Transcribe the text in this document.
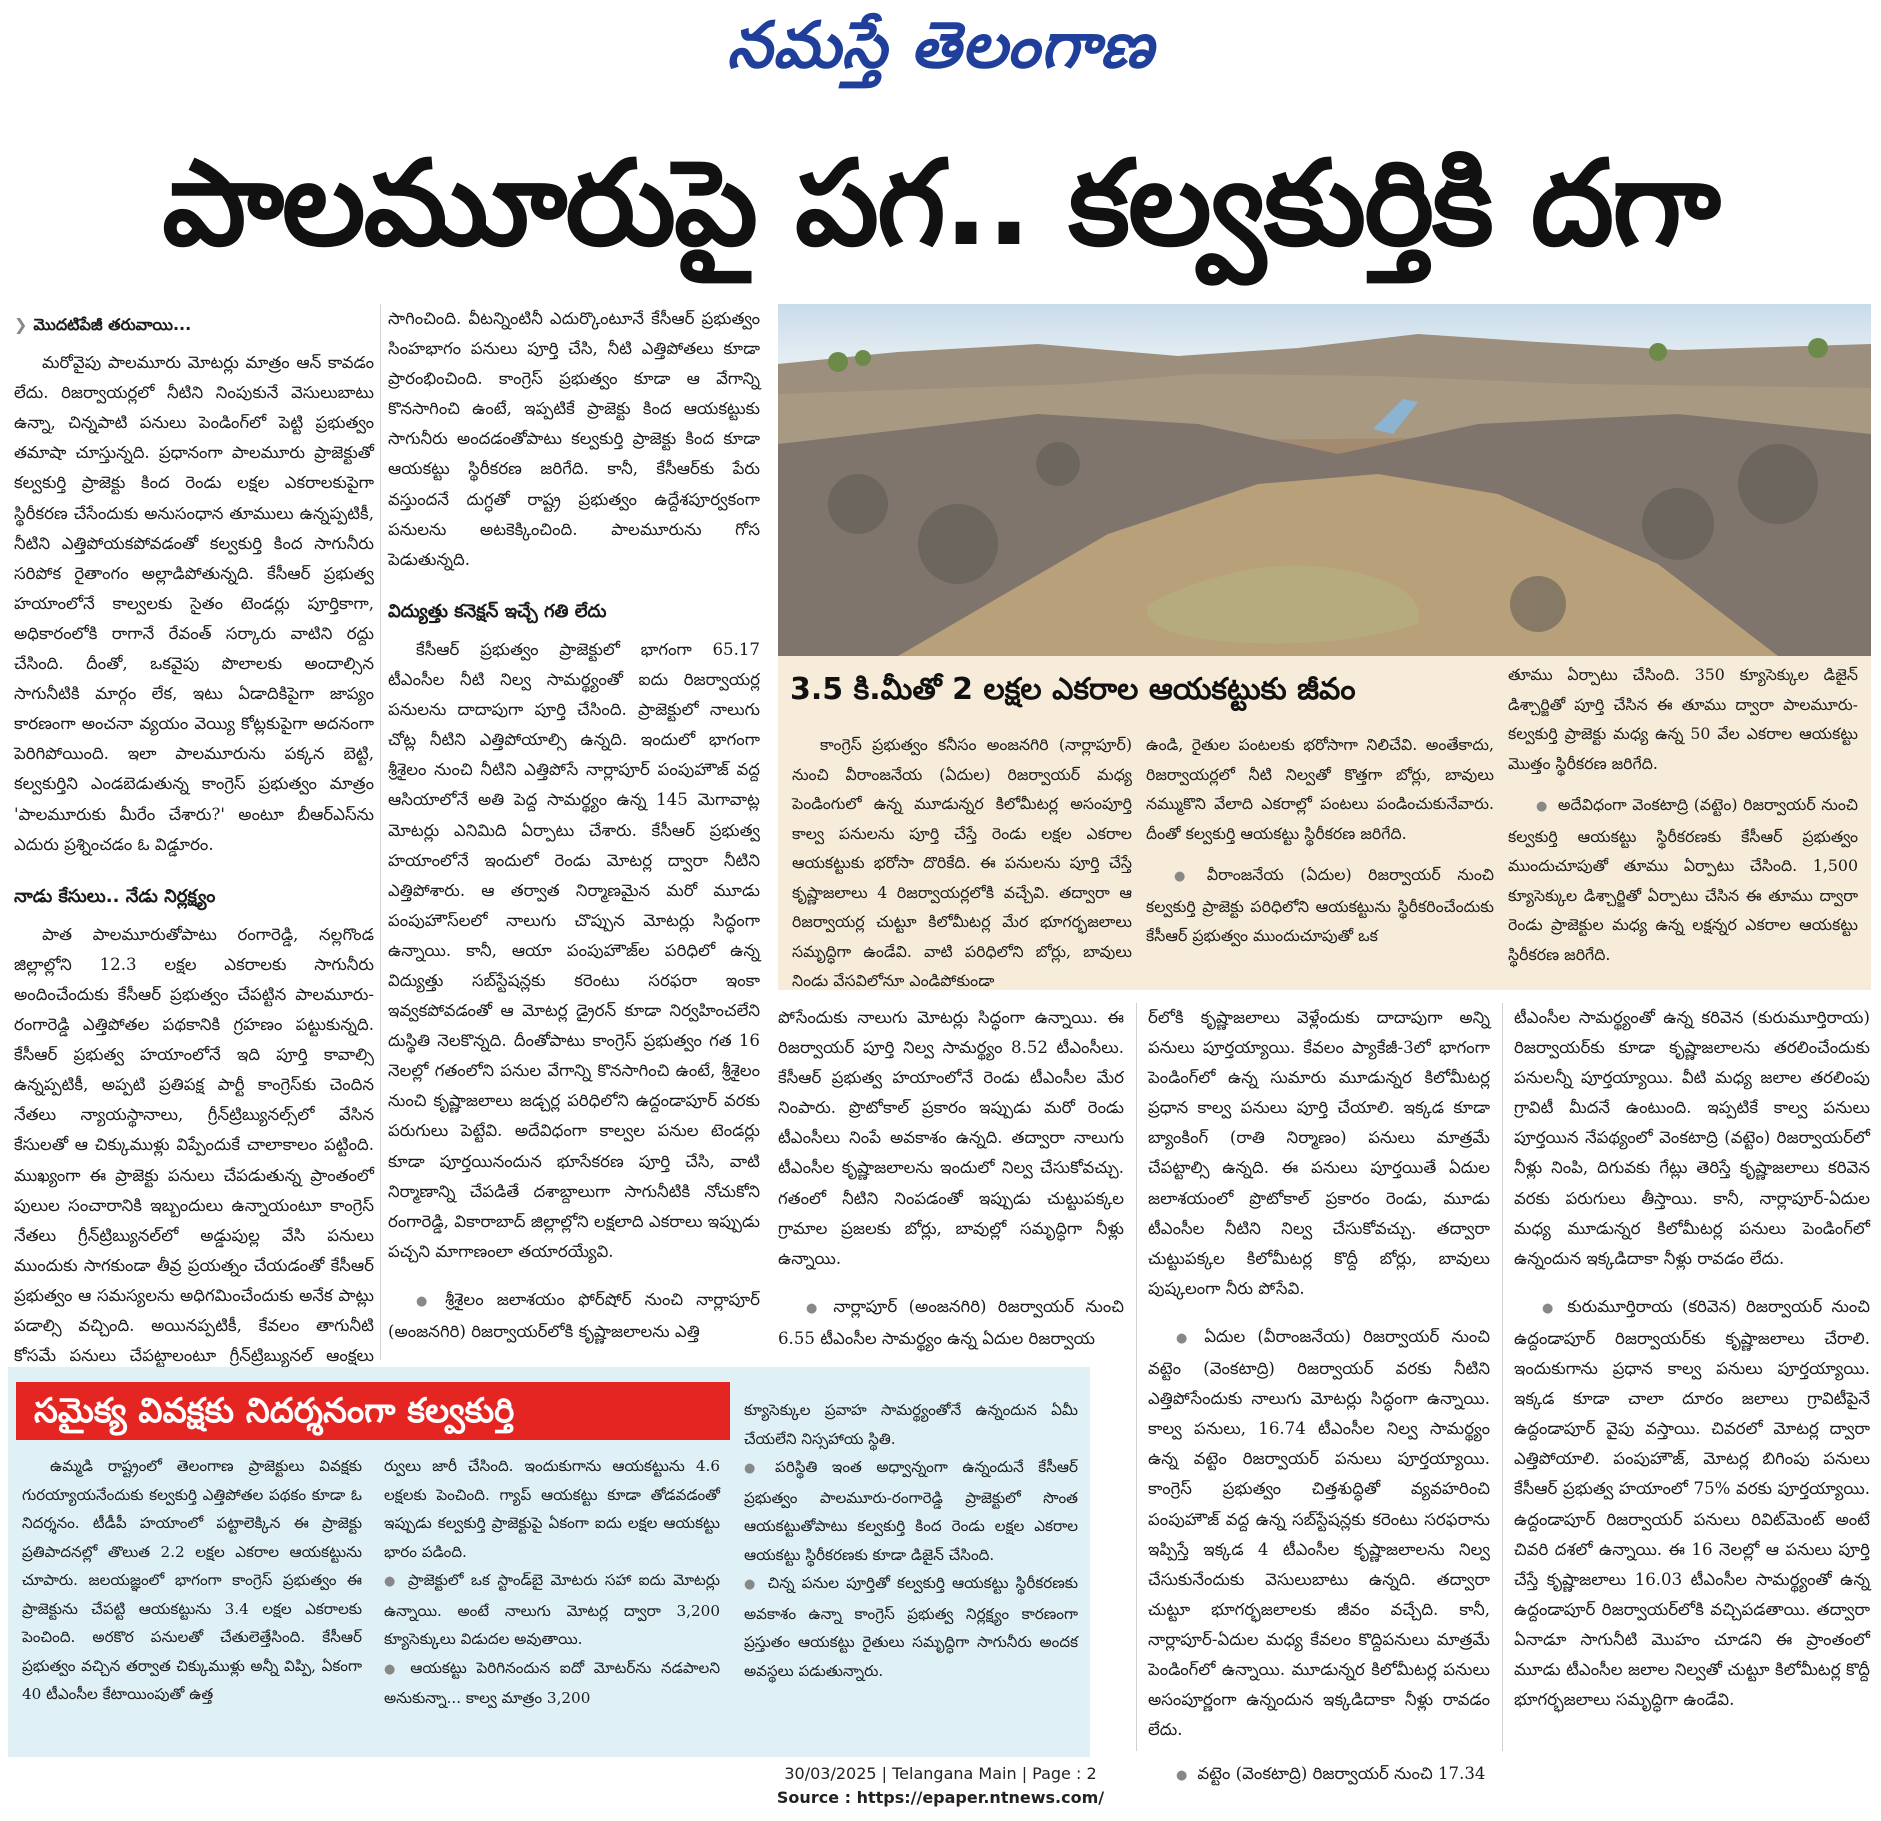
నమస్తే తెలంగాణ
పాలమూరుపై పగ.. కల్వకుర్తికి దగా
❯ మొదటిపేజీ తరువాయి...

మరోవైపు పాలమూరు మోటర్లు మాత్రం ఆన్ కావడం లేదు. రిజర్వాయర్లలో నీటిని నింపుకునే వెసులుబాటు ఉన్నా, చిన్నపాటి పనులు పెండింగ్‌లో పెట్టి ప్రభుత్వం తమాషా చూస్తున్నది. ప్రధానంగా పాలమూరు ప్రాజెక్టుతో కల్వకుర్తి ప్రాజెక్టు కింద రెండు లక్షల ఎకరాలకుపైగా స్థిరీకరణ చేసేందుకు అనుసంధాన తూములు ఉన్నప్పటికీ, నీటిని ఎత్తిపోయకపోవడంతో కల్వకుర్తి కింద సాగునీరు సరిపోక రైతాంగం అల్లాడిపోతున్నది. కేసీఆర్ ప్రభుత్వ హయాంలోనే కాల్వలకు సైతం టెండర్లు పూర్తికాగా, అధికారంలోకి రాగానే రేవంత్ సర్కారు వాటిని రద్దు చేసింది. దీంతో, ఒకవైపు పొలాలకు అందాల్సిన సాగునీటికి మార్గం లేక, ఇటు ఏడాదికిపైగా జాప్యం కారణంగా అంచనా వ్యయం వెయ్యి కోట్లకుపైగా అదనంగా పెరిగిపోయింది. ఇలా పాలమూరును పక్కన బెట్టి, కల్వకుర్తిని ఎండబెడుతున్న కాంగ్రెస్ ప్రభుత్వం మాత్రం 'పాలమూరుకు మీరేం చేశారు?' అంటూ బీఆర్‌ఎస్‌ను ఎదురు ప్రశ్నించడం ఓ విడ్డూరం.

నాడు కేసులు.. నేడు నిర్లక్ష్యం

పాత పాలమూరుతోపాటు రంగారెడ్డి, నల్లగొండ జిల్లాల్లోని 12.3 లక్షల ఎకరాలకు సాగునీరు అందించేందుకు కేసీఆర్ ప్రభుత్వం చేపట్టిన పాలమూరు-రంగారెడ్డి ఎత్తిపోతల పథకానికి గ్రహణం పట్టుకున్నది. కేసీఆర్ ప్రభుత్వ హయాంలోనే ఇది పూర్తి కావాల్సి ఉన్నప్పటికీ, అప్పటి ప్రతిపక్ష పార్టీ కాంగ్రెస్‌కు చెందిన నేతలు న్యాయస్థానాలు, గ్రీన్‌ట్రిబ్యునల్స్‌లో వేసిన కేసులతో ఆ చిక్కుముళ్లు విప్పేందుకే చాలాకాలం పట్టింది. ముఖ్యంగా ఈ ప్రాజెక్టు పనులు చేపడుతున్న ప్రాంతంలో పులుల సంచారానికి ఇబ్బందులు ఉన్నాయంటూ కాంగ్రెస్ నేతలు గ్రీన్‌ట్రిబ్యునల్‌లో అడ్డుపుల్ల వేసి పనులు ముందుకు సాగకుండా తీవ్ర ప్రయత్నం చేయడంతో కేసీఆర్ ప్రభుత్వం ఆ సమస్యలను అధిగమించేందుకు అనేక పాట్లు పడాల్సి వచ్చింది. అయినప్పటికీ, కేవలం తాగునీటి కోసమే పనులు చేపట్టాలంటూ గ్రీన్‌ట్రిబ్యునల్ ఆంక్షలు

సాగించింది. వీటన్నింటినీ ఎదుర్కొంటూనే కేసీఆర్ ప్రభుత్వం సింహభాగం పనులు పూర్తి చేసి, నీటి ఎత్తిపోతలు కూడా ప్రారంభించింది. కాంగ్రెస్ ప్రభుత్వం కూడా ఆ వేగాన్ని కొనసాగించి ఉంటే, ఇప్పటికే ప్రాజెక్టు కింద ఆయకట్టుకు సాగునీరు అందడంతోపాటు కల్వకుర్తి ప్రాజెక్టు కింద కూడా ఆయకట్టు స్థిరీకరణ జరిగేది. కానీ, కేసీఆర్‌కు పేరు వస్తుందనే దుగ్ధతో రాష్ట్ర ప్రభుత్వం ఉద్దేశపూర్వకంగా పనులను అటకెక్కించింది. పాలమూరును గోస పెడుతున్నది.

విద్యుత్తు కనెక్షన్ ఇచ్చే గతి లేదు

కేసీఆర్ ప్రభుత్వం ప్రాజెక్టులో భాగంగా 65.17 టీఎంసీల నీటి నిల్వ సామర్థ్యంతో ఐదు రిజర్వాయర్ల పనులను దాదాపుగా పూర్తి చేసింది. ప్రాజెక్టులో నాలుగు చోట్ల నీటిని ఎత్తిపోయాల్సి ఉన్నది. ఇందులో భాగంగా శ్రీశైలం నుంచి నీటిని ఎత్తిపోసే నార్లాపూర్ పంపుహౌజ్ వద్ద ఆసియాలోనే అతి పెద్ద సామర్థ్యం ఉన్న 145 మెగావాట్ల మోటర్లు ఎనిమిది ఏర్పాటు చేశారు. కేసీఆర్ ప్రభుత్వ హయాంలోనే ఇందులో రెండు మోటర్ల ద్వారా నీటిని ఎత్తిపోశారు. ఆ తర్వాత నిర్మాణమైన మరో మూడు పంపుహౌస్‌లలో నాలుగు చొప్పున మోటర్లు సిద్ధంగా ఉన్నాయి. కానీ, ఆయా పంపుహౌజ్‌ల పరిధిలో ఉన్న విద్యుత్తు సబ్‌స్టేషన్లకు కరెంటు సరఫరా ఇంకా ఇవ్వకపోవడంతో ఆ మోటర్ల డ్రైరన్ కూడా నిర్వహించలేని దుస్థితి నెలకొన్నది. దీంతోపాటు కాంగ్రెస్ ప్రభుత్వం గత 16 నెలల్లో గతంలోని పనుల వేగాన్ని కొనసాగించి ఉంటే, శ్రీశైలం నుంచి కృష్ణాజలాలు జడ్చర్ల పరిధిలోని ఉద్దండాపూర్ వరకు పరుగులు పెట్టేవి. అదేవిధంగా కాల్వల పనుల టెండర్లు కూడా పూర్తయినందున భూసేకరణ పూర్తి చేసి, వాటి నిర్మాణాన్ని చేపడితే దశాబ్దాలుగా సాగునీటికి నోచుకోని రంగారెడ్డి, వికారాబాద్ జిల్లాల్లోని లక్షలాది ఎకరాలు ఇప్పుడు పచ్చని మాగాణంలా తయారయ్యేవి.

● శ్రీశైలం జలాశయం ఫోర్‌షోర్ నుంచి నార్లాపూర్ (అంజనగిరి) రిజర్వాయర్‌లోకి కృష్ణాజలాలను ఎత్తి

3.5 కి.మీతో 2 లక్షల ఎకరాల ఆయకట్టుకు జీవం

కాంగ్రెస్ ప్రభుత్వం కనీసం అంజనగిరి (నార్లాపూర్) నుంచి వీరాంజనేయ (ఏదుల) రిజర్వాయర్ మధ్య పెండింగులో ఉన్న మూడున్నర కిలోమీటర్ల అసంపూర్తి కాల్వ పనులను పూర్తి చేస్తే రెండు లక్షల ఎకరాల ఆయకట్టుకు భరోసా దొరికేది. ఈ పనులను పూర్తి చేస్తే కృష్ణాజలాలు 4 రిజర్వాయర్లలోకి వచ్చేవి. తద్వారా ఆ రిజర్వాయర్ల చుట్టూ కిలోమీటర్ల మేర భూగర్భజలాలు సమృద్ధిగా ఉండేవి. వాటి పరిధిలోని బోర్లు, బావులు నిండు వేసవిలోనూ ఎండిపోకుండా

ఉండి, రైతుల పంటలకు భరోసాగా నిలిచేవి. అంతేకాదు, రిజర్వాయర్లలో నీటి నిల్వతో కొత్తగా బోర్లు, బావులు నమ్ముకొని వేలాది ఎకరాల్లో పంటలు పండించుకునేవారు. దీంతో కల్వకుర్తి ఆయకట్టు స్థిరీకరణ జరిగేది.

● వీరాంజనేయ (ఏదుల) రిజర్వాయర్ నుంచి కల్వకుర్తి ప్రాజెక్టు పరిధిలోని ఆయకట్టును స్థిరీకరించేందుకు కేసీఆర్ ప్రభుత్వం ముందుచూపుతో ఒక

తూము ఏర్పాటు చేసింది. 350 క్యూసెక్కుల డిజైన్ డిశ్చార్జితో పూర్తి చేసిన ఈ తూము ద్వారా పాలమూరు-కల్వకుర్తి ప్రాజెక్టు మధ్య ఉన్న 50 వేల ఎకరాల ఆయకట్టు మొత్తం స్థిరీకరణ జరిగేది.

● అదేవిధంగా వెంకటాద్రి (వట్టెం) రిజర్వాయర్ నుంచి కల్వకుర్తి ఆయకట్టు స్థిరీకరణకు కేసీఆర్ ప్రభుత్వం ముందుచూపుతో తూము ఏర్పాటు చేసింది. 1,500 క్యూసెక్కుల డిశ్చార్జితో ఏర్పాటు చేసిన ఈ తూము ద్వారా రెండు ప్రాజెక్టుల మధ్య ఉన్న లక్షన్నర ఎకరాల ఆయకట్టు స్థిరీకరణ జరిగేది.

పోసేందుకు నాలుగు మోటర్లు సిద్ధంగా ఉన్నాయి. ఈ రిజర్వాయర్ పూర్తి నిల్వ సామర్థ్యం 8.52 టీఎంసీలు. కేసీఆర్ ప్రభుత్వ హయాంలోనే రెండు టీఎంసీల మేర నింపారు. ప్రొటోకాల్ ప్రకారం ఇప్పుడు మరో రెండు టీఎంసీలు నింపే అవకాశం ఉన్నది. తద్వారా నాలుగు టీఎంసీల కృష్ణాజలాలను ఇందులో నిల్వ చేసుకోవచ్చు. గతంలో నీటిని నింపడంతో ఇప్పుడు చుట్టుపక్కల గ్రామాల ప్రజలకు బోర్లు, బావుల్లో సమృద్ధిగా నీళ్లు ఉన్నాయి.

● నార్లాపూర్ (అంజనగిరి) రిజర్వాయర్ నుంచి 6.55 టీఎంసీల సామర్థ్యం ఉన్న ఏదుల రిజర్వాయ

ర్‌లోకి కృష్ణాజలాలు వెళ్లేందుకు దాదాపుగా అన్ని పనులు పూర్తయ్యాయి. కేవలం ప్యాకేజీ-3లో భాగంగా పెండింగ్‌లో ఉన్న సుమారు మూడున్నర కిలోమీటర్ల ప్రధాన కాల్వ పనులు పూర్తి చేయాలి. ఇక్కడ కూడా బ్యాంకింగ్ (రాతి నిర్మాణం) పనులు మాత్రమే చేపట్టాల్సి ఉన్నది. ఈ పనులు పూర్తయితే ఏదుల జలాశయంలో ప్రొటోకాల్ ప్రకారం రెండు, మూడు టీఎంసీల నీటిని నిల్వ చేసుకోవచ్చు. తద్వారా చుట్టుపక్కల కిలోమీటర్ల కొద్దీ బోర్లు, బావులు పుష్కలంగా నీరు పోసేవి.

● ఏదుల (వీరాంజనేయ) రిజర్వాయర్ నుంచి వట్టెం (వెంకటాద్రి) రిజర్వాయర్ వరకు నీటిని ఎత్తిపోసేందుకు నాలుగు మోటర్లు సిద్ధంగా ఉన్నాయి. కాల్వ పనులు, 16.74 టీఎంసీల నిల్వ సామర్థ్యం ఉన్న వట్టెం రిజర్వాయర్ పనులు పూర్తయ్యాయి. కాంగ్రెస్ ప్రభుత్వం చిత్తశుద్ధితో వ్యవహరించి పంపుహౌజ్ వద్ద ఉన్న సబ్‌స్టేషన్లకు కరెంటు సరఫరాను ఇప్పిస్తే ఇక్కడ 4 టీఎంసీల కృష్ణాజలాలను నిల్వ చేసుకునేందుకు వెసులుబాటు ఉన్నది. తద్వారా చుట్టూ భూగర్భజలాలకు జీవం వచ్చేది. కానీ, నార్లాపూర్-ఏదుల మధ్య కేవలం కొద్దిపనులు మాత్రమే పెండింగ్‌లో ఉన్నాయి. మూడున్నర కిలోమీటర్ల పనులు అసంపూర్ణంగా ఉన్నందున ఇక్కడిదాకా నీళ్లు రావడం లేదు.

● వట్టెం (వెంకటాద్రి) రిజర్వాయర్ నుంచి 17.34

టీఎంసీల సామర్థ్యంతో ఉన్న కరివెన (కురుమూర్తిరాయ) రిజర్వాయర్‌కు కూడా కృష్ణాజలాలను తరలించేందుకు పనులన్నీ పూర్తయ్యాయి. వీటి మధ్య జలాల తరలింపు గ్రావిటీ మీదనే ఉంటుంది. ఇప్పటికే కాల్వ పనులు పూర్తయిన నేపథ్యంలో వెంకటాద్రి (వట్టెం) రిజర్వాయర్‌లో నీళ్లు నింపి, దిగువకు గేట్లు తెరిస్తే కృష్ణాజలాలు కరివెన వరకు పరుగులు తీస్తాయి. కానీ, నార్లాపూర్-ఏదుల మధ్య మూడున్నర కిలోమీటర్ల పనులు పెండింగ్‌లో ఉన్నందున ఇక్కడిదాకా నీళ్లు రావడం లేదు.

● కురుమూర్తిరాయ (కరివెన) రిజర్వాయర్ నుంచి ఉద్దండాపూర్ రిజర్వాయర్‌కు కృష్ణాజలాలు చేరాలి. ఇందుకుగాను ప్రధాన కాల్వ పనులు పూర్తయ్యాయి. ఇక్కడ కూడా చాలా దూరం జలాలు గ్రావిటీపైనే ఉద్దండాపూర్ వైపు వస్తాయి. చివరలో మోటర్ల ద్వారా ఎత్తిపోయాలి. పంపుహౌజ్, మోటర్ల బిగింపు పనులు కేసీఆర్ ప్రభుత్వ హయాంలో 75% వరకు పూర్తయ్యాయి. ఉద్దండాపూర్ రిజర్వాయర్ పనులు రివిట్‌మెంట్ అంటే చివరి దశలో ఉన్నాయి. ఈ 16 నెలల్లో ఆ పనులు పూర్తి చేస్తే కృష్ణాజలాలు 16.03 టీఎంసీల సామర్థ్యంతో ఉన్న ఉద్దండాపూర్ రిజర్వాయర్‌లోకి వచ్చిపడతాయి. తద్వారా ఏనాడూ సాగునీటి మొహం చూడని ఈ ప్రాంతంలో మూడు టీఎంసీల జలాల నిల్వతో చుట్టూ కిలోమీటర్ల కొద్దీ భూగర్భజలాలు సమృద్ధిగా ఉండేవి.

సమైక్య వివక్షకు నిదర్శనంగా కల్వకుర్తి

ఉమ్మడి రాష్ట్రంలో తెలంగాణ ప్రాజెక్టులు వివక్షకు గురయ్యాయనేందుకు కల్వకుర్తి ఎత్తిపోతల పథకం కూడా ఓ నిదర్శనం. టీడీపీ హయాంలో పట్టాలెక్కిన ఈ ప్రాజెక్టు ప్రతిపాదనల్లో తొలుత 2.2 లక్షల ఎకరాల ఆయకట్టును చూపారు. జలయజ్ఞంలో భాగంగా కాంగ్రెస్ ప్రభుత్వం ఈ ప్రాజెక్టును చేపట్టి ఆయకట్టును 3.4 లక్షల ఎకరాలకు పెంచింది. అరకొర పనులతో చేతులెత్తేసింది. కేసీఆర్ ప్రభుత్వం వచ్చిన తర్వాత చిక్కుముళ్లు అన్నీ విప్పి, ఏకంగా 40 టీఎంసీల కేటాయింపుతో ఉత్త

ర్వులు జారీ చేసింది. ఇందుకుగాను ఆయకట్టును 4.6 లక్షలకు పెంచింది. గ్యాప్ ఆయకట్టు కూడా తోడవడంతో ఇప్పుడు కల్వకుర్తి ప్రాజెక్టుపై ఏకంగా ఐదు లక్షల ఆయకట్టు భారం పడింది.

● ప్రాజెక్టులో ఒక స్టాండ్‌బై మోటరు సహా ఐదు మోటర్లు ఉన్నాయి. అంటే నాలుగు మోటర్ల ద్వారా 3,200 క్యూసెక్కులు విడుదల అవుతాయి.

● ఆయకట్టు పెరిగినందున ఐదో మోటర్‌ను నడపాలని అనుకున్నా... కాల్వ మాత్రం 3,200

క్యూసెక్కుల ప్రవాహ సామర్థ్యంతోనే ఉన్నందున ఏమీ చేయలేని నిస్సహాయ స్థితి.

● పరిస్థితి ఇంత అధ్వాన్నంగా ఉన్నందునే కేసీఆర్ ప్రభుత్వం పాలమూరు-రంగారెడ్డి ప్రాజెక్టులో సొంత ఆయకట్టుతోపాటు కల్వకుర్తి కింద రెండు లక్షల ఎకరాల ఆయకట్టు స్థిరీకరణకు కూడా డిజైన్ చేసింది.

● చిన్న పనుల పూర్తితో కల్వకుర్తి ఆయకట్టు స్థిరీకరణకు అవకాశం ఉన్నా కాంగ్రెస్ ప్రభుత్వ నిర్లక్ష్యం కారణంగా ప్రస్తుతం ఆయకట్టు రైతులు సమృద్ధిగా సాగునీరు అందక అవస్థలు పడుతున్నారు.

30/03/2025 | Telangana Main | Page : 2
Source : https://epaper.ntnews.com/
